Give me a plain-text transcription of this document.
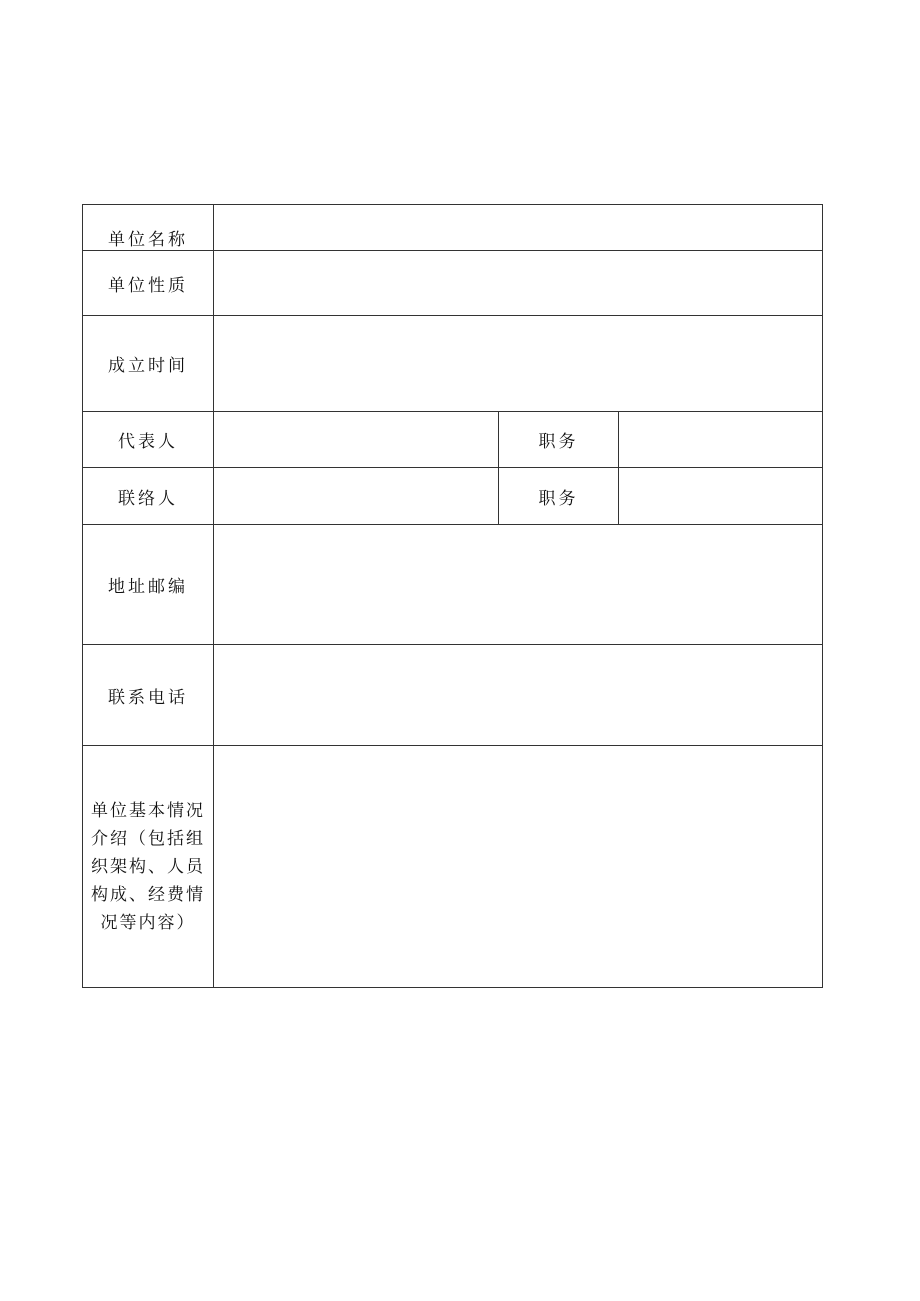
单位名称			
单位性质			
成立时间			
代表人		职务	
联络人		职务	
地址邮编			
联系电话			

单位基本情况
介绍（包括组
织架构、人员
构成、经费情
况等内容）			
